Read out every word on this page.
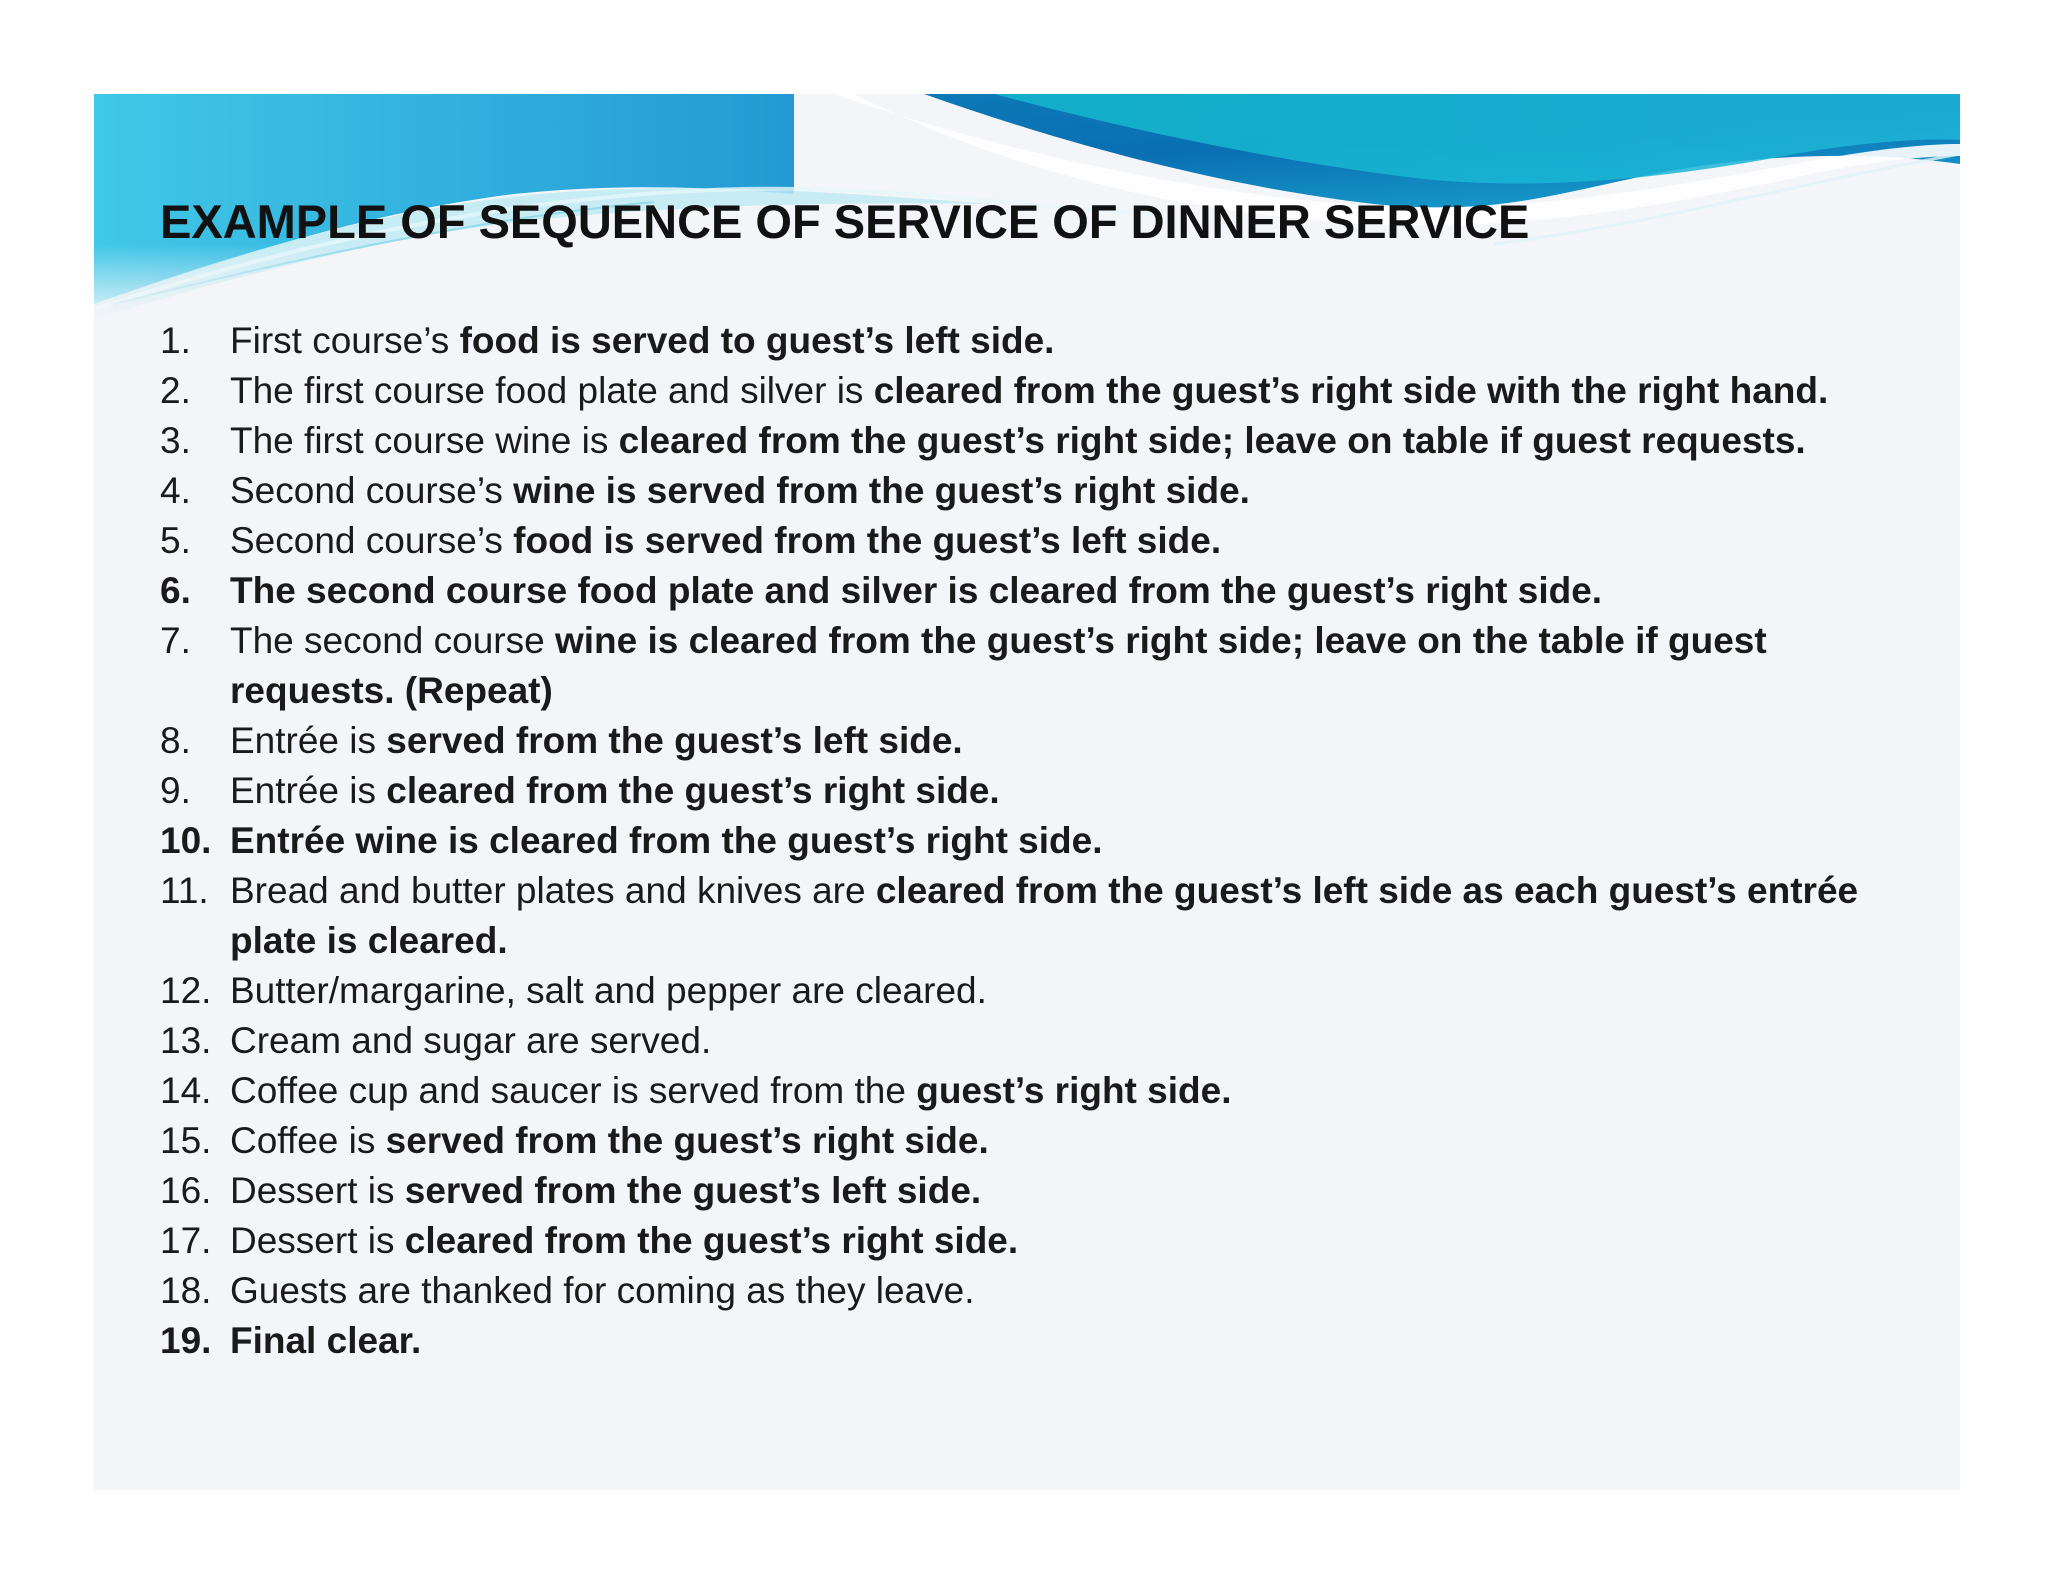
EXAMPLE OF SEQUENCE OF SERVICE OF DINNER SERVICE
1.	First course’s food is served to guest’s left side.
2.	The first course food plate and silver is cleared from the guest’s right side with the right hand.
3.	The first course wine is cleared from the guest’s right side; leave on table if guest requests.
4.	Second course’s wine is served from the guest’s right side.
5.	Second course’s food is served from the guest’s left side.
6.	The second course food plate and silver is cleared from the guest’s right side.
7.	The second course wine is cleared from the guest’s right side; leave on the table if guest requests. (Repeat)
8.	Entrée is served from the guest’s left side.
9.	Entrée is cleared from the guest’s right side.
10. Entrée wine is cleared from the guest’s right side.
11. Bread and butter plates and knives are cleared from the guest’s left side as each guest’s entrée plate is cleared.
12. Butter/margarine, salt and pepper are cleared.
13. Cream and sugar are served.
14. Coffee cup and saucer is served from the guest’s right side.
15. Coffee is served from the guest’s right side.
16. Dessert is served from the guest’s left side.
17. Dessert is cleared from the guest’s right side.
18. Guests are thanked for coming as they leave.
19. Final clear.
